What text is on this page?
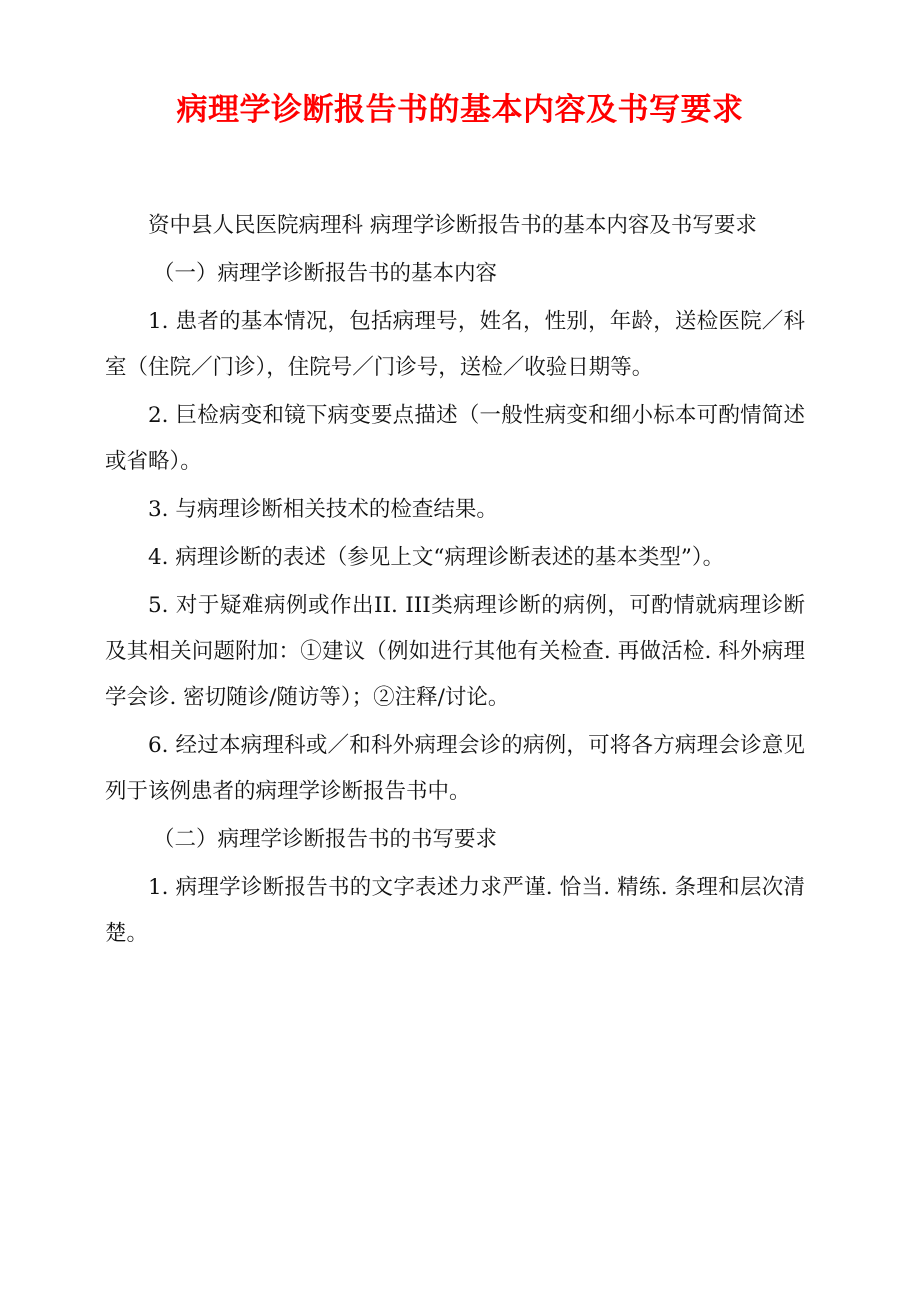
病理学诊断报告书的基本内容及书写要求

资中县人民医院病理科 病理学诊断报告书的基本内容及书写要求

（一）病理学诊断报告书的基本内容

1. 患者的基本情况，包括病理号，姓名，性别，年龄，送检医院／科室（住院／门诊），住院号／门诊号，送检／收验日期等。

2. 巨检病变和镜下病变要点描述（一般性病变和细小标本可酌情简述或省略）。

3. 与病理诊断相关技术的检查结果。

4. 病理诊断的表述（参见上文“病理诊断表述的基本类型”）。

5. 对于疑难病例或作出II. III类病理诊断的病例，可酌情就病理诊断及其相关问题附加：①建议（例如进行其他有关检查. 再做活检. 科外病理学会诊. 密切随诊/随访等）；②注释/讨论。

6. 经过本病理科或／和科外病理会诊的病例，可将各方病理会诊意见列于该例患者的病理学诊断报告书中。

（二）病理学诊断报告书的书写要求

1. 病理学诊断报告书的文字表述力求严谨. 恰当. 精练. 条理和层次清楚。
